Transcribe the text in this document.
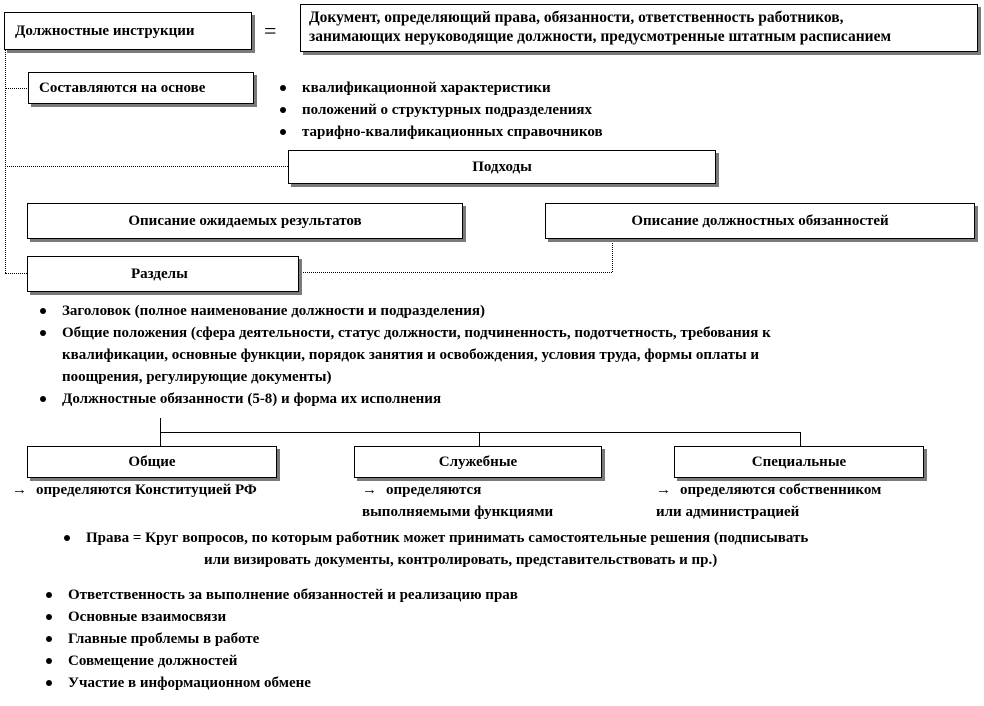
Должностные инструкции	=
Документ, определяющий права, обязанности, ответственность работников,
занимающих неруководящие должности, предусмотренные штатным расписанием
Составляются на основе	квалификационной характеристики
положений о структурных подразделениях
тарифно-квалификационных справочников
Подходы
Описание ожидаемых результатов	Описание должностных обязанностей
Разделы
Заголовок (полное наименование должности и подразделения)
Общие положения (сфера деятельности, статус должности, подчиненность, подотчетность, требования к
квалификации, основные функции, порядок занятия и освобождения, условия труда, формы оплаты и
поощрения, регулирующие документы)
Должностные обязанности (5-8) и форма их исполнения
Общие	Служебные	Специальные
→ определяются Конституцией РФ	→ определяются
выполняемыми функциями
→ определяются собственником
или администрацией
Права = Круг вопросов, по которым работник может принимать самостоятельные решения (подписывать
или визировать документы, контролировать, представительствовать и пр.)
Ответственность за выполнение обязанностей и реализацию прав
Основные взаимосвязи
Главные проблемы в работе
Совмещение должностей
Участие в информационном обмене
